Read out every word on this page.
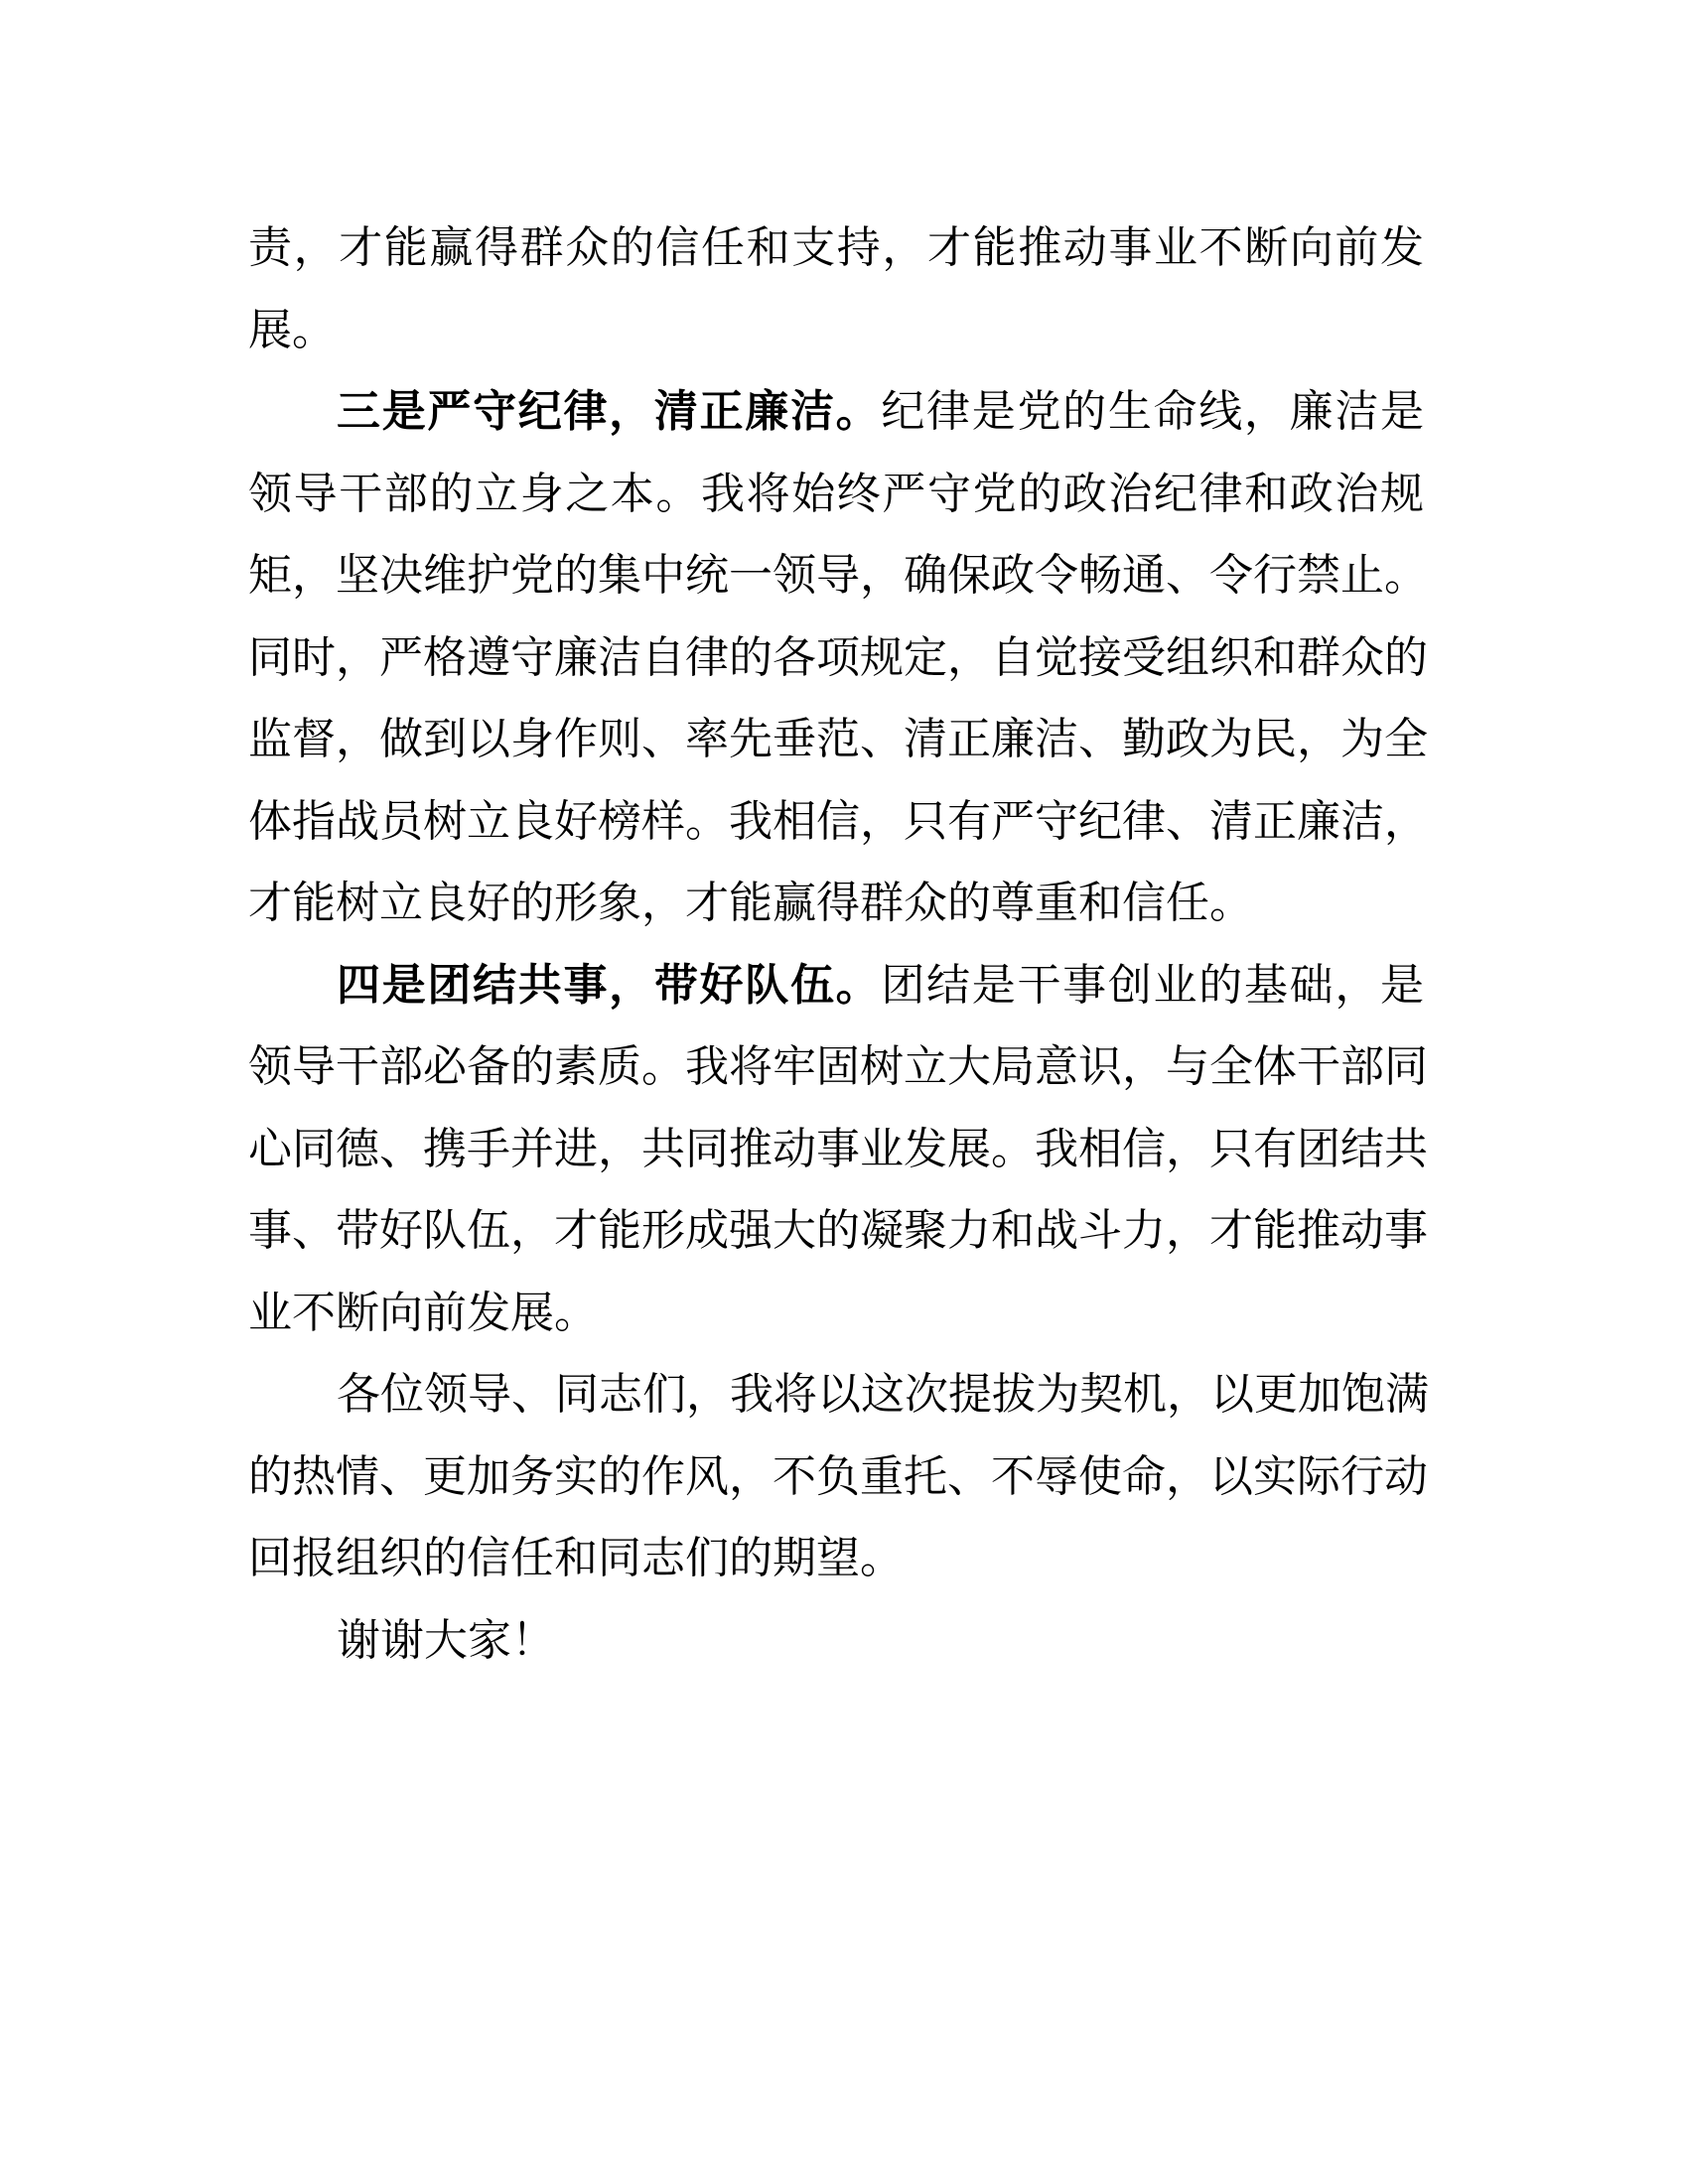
责，才能赢得群众的信任和支持，才能推动事业不断向前发
展。
三是严守纪律，清正廉洁。纪律是党的生命线，廉洁是
领导干部的立身之本。我将始终严守党的政治纪律和政治规
矩，坚决维护党的集中统一领导，确保政令畅通、令行禁止。
同时，严格遵守廉洁自律的各项规定，自觉接受组织和群众的
监督，做到以身作则、率先垂范、清正廉洁、勤政为民，为全
体指战员树立良好榜样。我相信，只有严守纪律、清正廉洁，
才能树立良好的形象，才能赢得群众的尊重和信任。
四是团结共事，带好队伍。团结是干事创业的基础，是
领导干部必备的素质。我将牢固树立大局意识，与全体干部同
心同德、携手并进，共同推动事业发展。我相信，只有团结共
事、带好队伍，才能形成强大的凝聚力和战斗力，才能推动事
业不断向前发展。
各位领导、同志们，我将以这次提拔为契机，以更加饱满
的热情、更加务实的作风，不负重托、不辱使命，以实际行动
回报组织的信任和同志们的期望。
谢谢大家！
